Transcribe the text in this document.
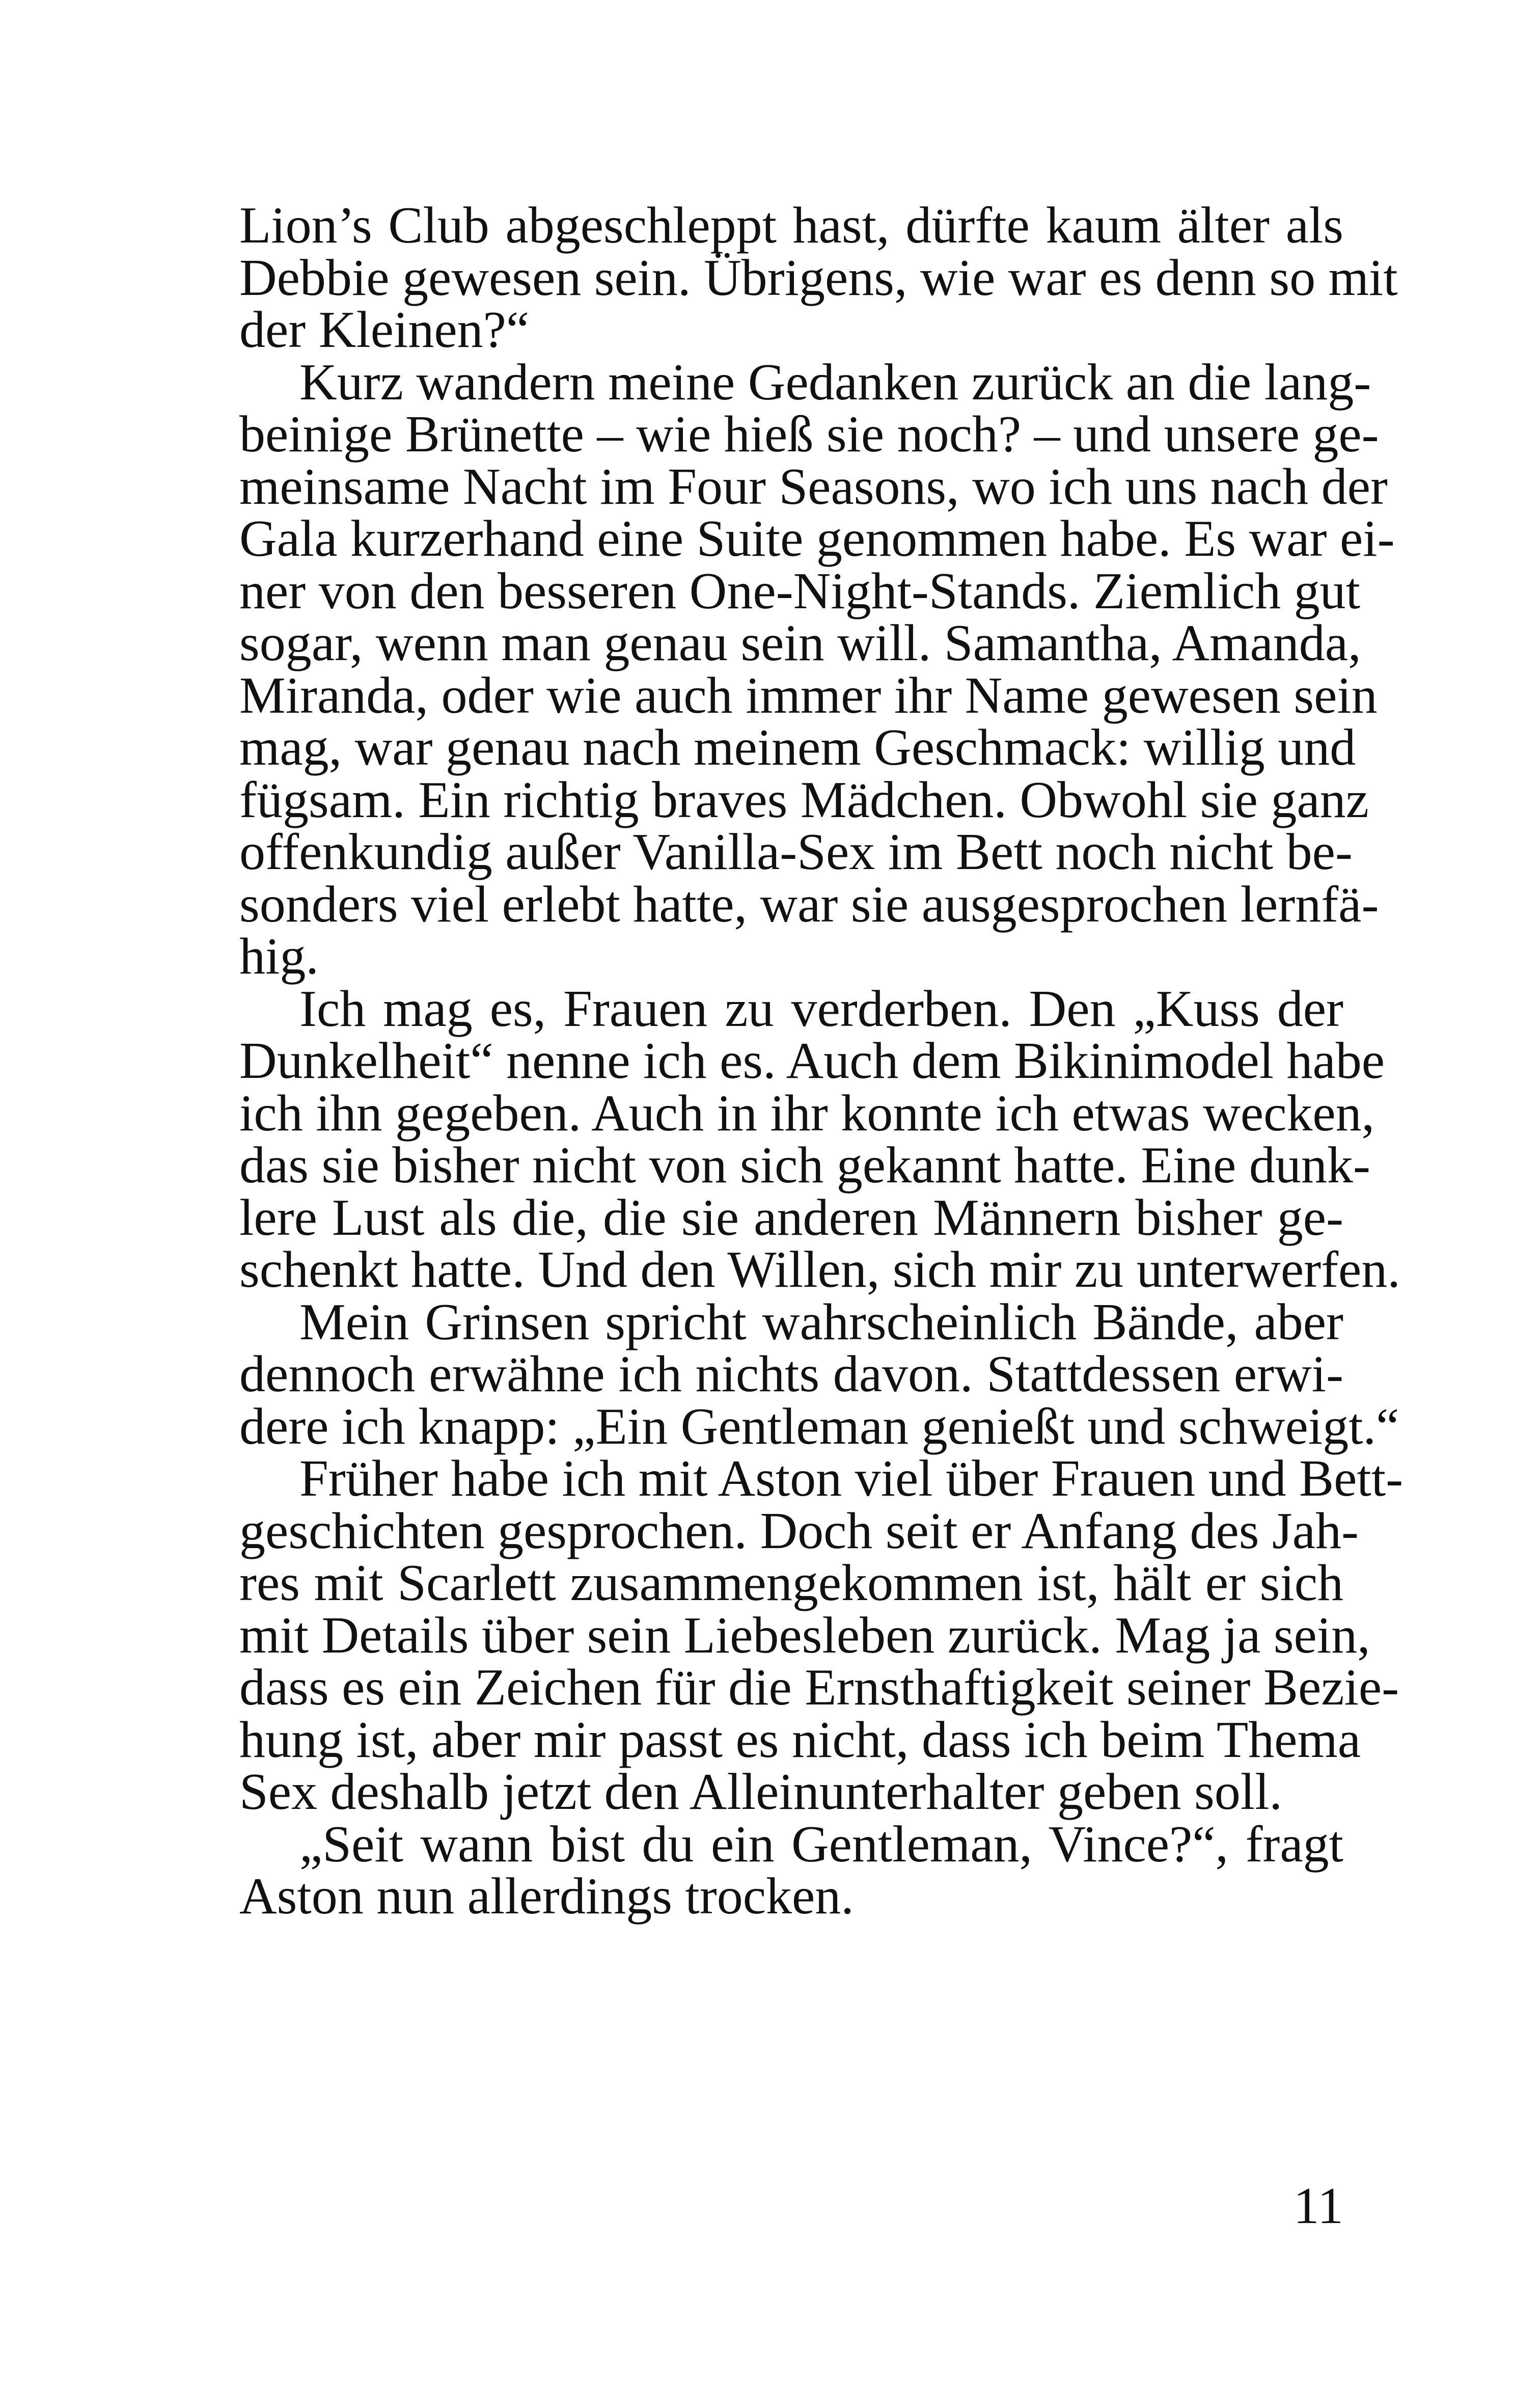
Lion’s Club abgeschleppt hast, dürfte kaum älter als
Debbie gewesen sein. Übrigens, wie war es denn so mit
der Kleinen?“
Kurz wandern meine Gedanken zurück an die lang-
beinige Brünette – wie hieß sie noch? – und unsere ge-
meinsame Nacht im Four Seasons, wo ich uns nach der
Gala kurzerhand eine Suite genommen habe. Es war ei-
ner von den besseren One-Night-Stands. Ziemlich gut
sogar, wenn man genau sein will. Samantha, Amanda,
Miranda, oder wie auch immer ihr Name gewesen sein
mag, war genau nach meinem Geschmack: willig und
fügsam. Ein richtig braves Mädchen. Obwohl sie ganz
offenkundig außer Vanilla-Sex im Bett noch nicht be-
sonders viel erlebt hatte, war sie ausgesprochen lernfä-
hig.
Ich mag es, Frauen zu verderben. Den „Kuss der
Dunkelheit“ nenne ich es. Auch dem Bikinimodel habe
ich ihn gegeben. Auch in ihr konnte ich etwas wecken,
das sie bisher nicht von sich gekannt hatte. Eine dunk-
lere Lust als die, die sie anderen Männern bisher ge-
schenkt hatte. Und den Willen, sich mir zu unterwerfen.
Mein Grinsen spricht wahrscheinlich Bände, aber
dennoch erwähne ich nichts davon. Stattdessen erwi-
dere ich knapp: „Ein Gentleman genießt und schweigt.“
Früher habe ich mit Aston viel über Frauen und Bett-
geschichten gesprochen. Doch seit er Anfang des Jah-
res mit Scarlett zusammengekommen ist, hält er sich
mit Details über sein Liebesleben zurück. Mag ja sein,
dass es ein Zeichen für die Ernsthaftigkeit seiner Bezie-
hung ist, aber mir passt es nicht, dass ich beim Thema
Sex deshalb jetzt den Alleinunterhalter geben soll.
„Seit wann bist du ein Gentleman, Vince?“, fragt
Aston nun allerdings trocken.
11
